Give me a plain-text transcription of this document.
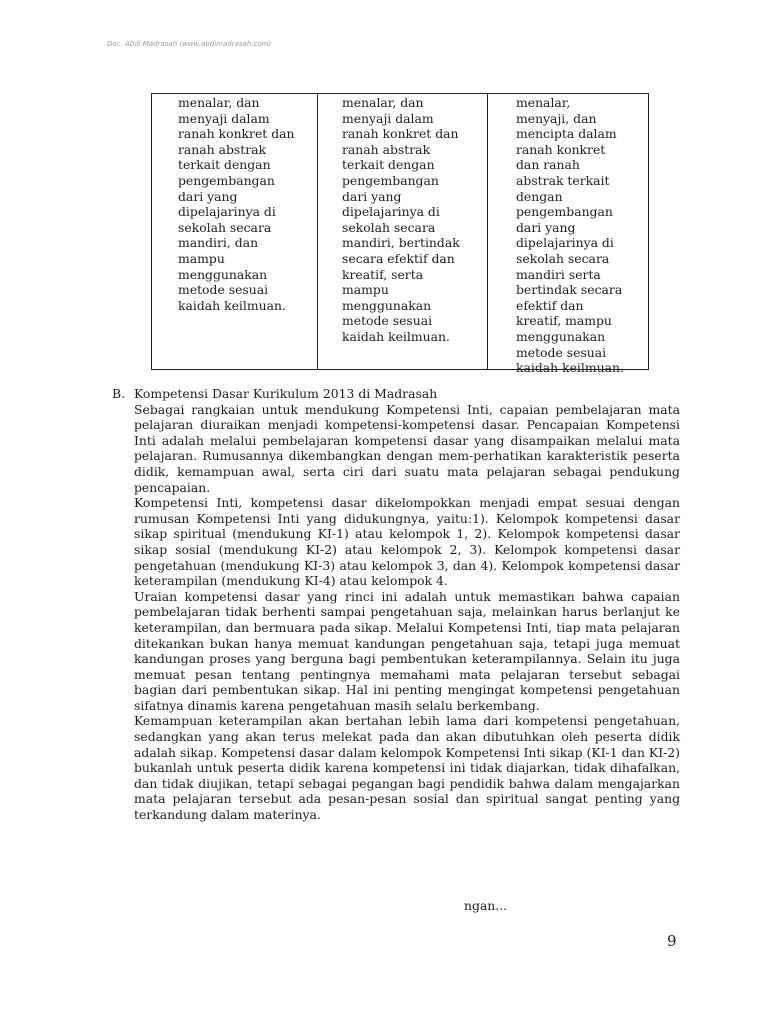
Doc. Abdi Madrasah (www.abdimadrasah.com)

menalar, dan
menyaji dalam
ranah konkret dan
ranah abstrak
terkait dengan
pengembangan
dari yang
dipelajarinya di
sekolah secara
mandiri, dan
mampu
menggunakan
metode sesuai
kaidah keilmuan.

menalar, dan
menyaji dalam
ranah konkret dan
ranah abstrak
terkait dengan
pengembangan
dari yang
dipelajarinya di
sekolah secara
mandiri, bertindak
secara efektif dan
kreatif, serta
mampu
menggunakan
metode sesuai
kaidah keilmuan.

menalar,
menyaji, dan
mencipta dalam
ranah konkret
dan ranah
abstrak terkait
dengan
pengembangan
dari yang
dipelajarinya di
sekolah secara
mandiri serta
bertindak secara
efektif dan
kreatif, mampu
menggunakan
metode sesuai
kaidah keilmuan.

B. Kompetensi Dasar Kurikulum 2013 di Madrasah

Sebagai rangkaian untuk mendukung Kompetensi Inti, capaian pembelajaran mata pelajaran diuraikan menjadi kompetensi-kompetensi dasar. Pencapaian Kompetensi Inti adalah melalui pembelajaran kompetensi dasar yang disampaikan melalui mata pelajaran. Rumusannya dikembangkan dengan mem-perhatikan karakteristik peserta didik, kemampuan awal, serta ciri dari suatu mata pelajaran sebagai pendukung pencapaian.

Kompetensi Inti, kompetensi dasar dikelompokkan menjadi empat sesuai dengan rumusan Kompetensi Inti yang didukungnya, yaitu:1). Kelompok kompetensi dasar sikap spiritual (mendukung KI-1) atau kelompok 1, 2). Kelompok kompetensi dasar sikap sosial (mendukung KI-2) atau kelompok 2, 3). Kelompok kompetensi dasar pengetahuan (mendukung KI-3) atau kelompok 3, dan 4). Kelompok kompetensi dasar keterampilan (mendukung KI-4) atau kelompok 4.

Uraian kompetensi dasar yang rinci ini adalah untuk memastikan bahwa capaian pembelajaran tidak berhenti sampai pengetahuan saja, melainkan harus berlanjut ke keterampilan, dan bermuara pada sikap. Melalui Kompetensi Inti, tiap mata pelajaran ditekankan bukan hanya memuat kandungan pengetahuan saja, tetapi juga memuat kandungan proses yang berguna bagi pembentukan keterampilannya. Selain itu juga memuat pesan tentang pentingnya memahami mata pelajaran tersebut sebagai bagian dari pembentukan sikap. Hal ini penting mengingat kompetensi pengetahuan sifatnya dinamis karena pengetahuan masih selalu berkembang.

Kemampuan keterampilan akan bertahan lebih lama dari kompetensi pengetahuan, sedangkan yang akan terus melekat pada dan akan dibutuhkan oleh peserta didik adalah sikap. Kompetensi dasar dalam kelompok Kompetensi Inti sikap (KI-1 dan KI-2) bukanlah untuk peserta didik karena kompetensi ini tidak diajarkan, tidak dihafalkan, dan tidak diujikan, tetapi sebagai pegangan bagi pendidik bahwa dalam mengajarkan mata pelajaran tersebut ada pesan-pesan sosial dan spiritual sangat penting yang terkandung dalam materinya.

ngan...

9
